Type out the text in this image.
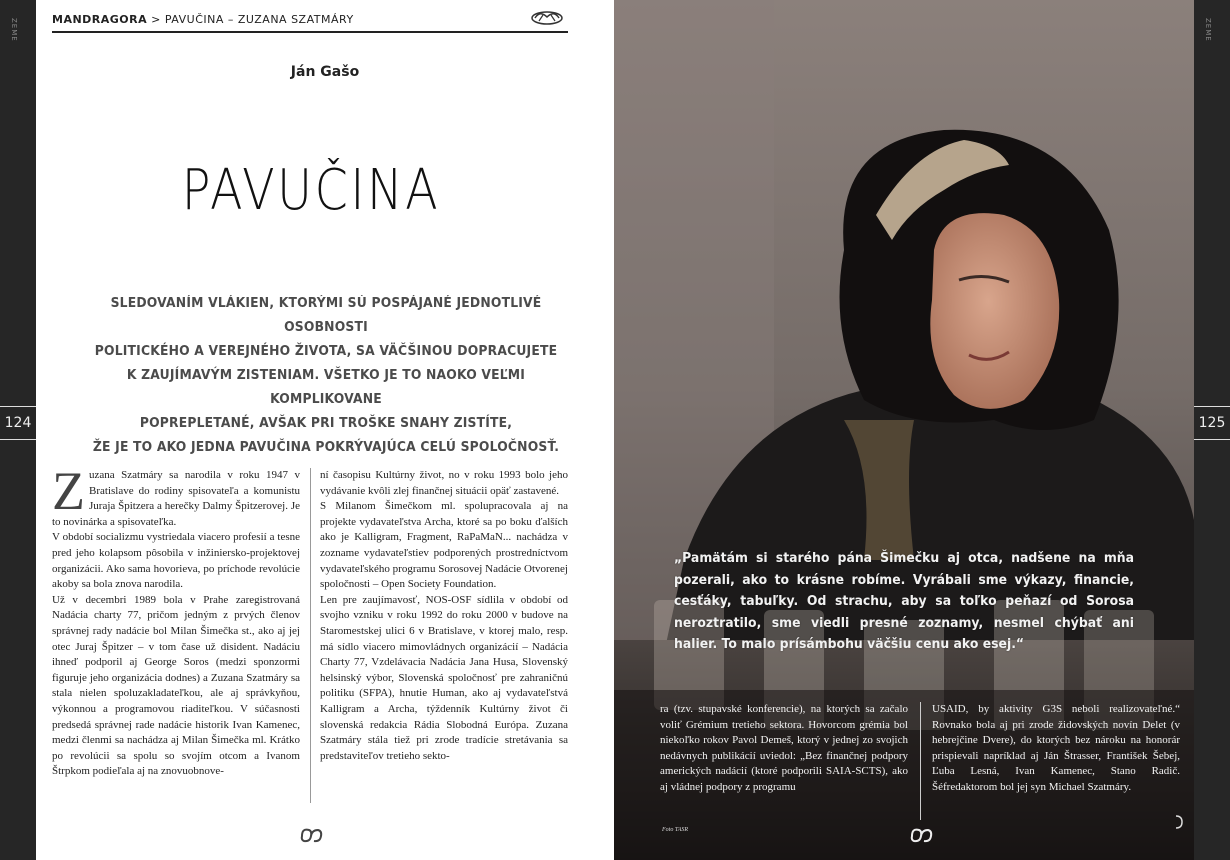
ZEME
124
MANDRAGORA > PAVUČINA – ZUZANA SZATMÁRY
Ján Gašo
PAVUČINA
SLEDOVANÍM VLÁKIEN, KTORÝMI SÚ POSPÁJANÉ JEDNOTLIVÉ OSOBNOSTI
POLITICKÉHO A VEREJNÉHO ŽIVOTA, SA VÄČŠINOU DOPRACUJETE
K ZAUJÍMAVÝM ZISTENIAM. VŠETKO JE TO NAOKO VEĽMI KOMPLIKOVANE
POPREPLETANÉ, AVŠAK PRI TROŠKE SNAHY ZISTÍTE,
ŽE JE TO AKO JEDNA PAVUČINA POKRÝVAJÚCA CELÚ SPOLOČNOSŤ.

Zuzana Szatmáry sa narodila v roku 1947 v Bratislave do rodiny spisovateľa a komunistu Juraja Špitzera a herečky Dalmy Špitzerovej. Je to novinárka a spisovateľka.

V období socializmu vystriedala viacero profesií a tesne pred jeho kolapsom pôsobila v inžiniersko-projektovej organizácii. Ako sama hovorieva, po príchode revolúcie akoby sa bola znova narodila.

Už v decembri 1989 bola v Prahe zaregistrovaná Nadácia charty 77, pričom jedným z prvých členov správnej rady nadácie bol Milan Šimečka st., ako aj jej otec Juraj Špitzer – v tom čase už disident. Nadáciu ihneď podporil aj George Soros (medzi sponzormi figuruje jeho organizácia dodnes) a Zuzana Szatmáry sa stala nielen spoluzakladateľkou, ale aj správkyňou, výkonnou a programovou riaditeľkou. V súčasnosti predsedá správnej rade nadácie historik Ivan Kamenec, medzi členmi sa nachádza aj Milan Šimečka ml. Krátko po revolúcii sa spolu so svojím otcom a Ivanom Štrpkom podieľala aj na znovuobnove-

ní časopisu Kultúrny život, no v roku 1993 bolo jeho vydávanie kvôli zlej finančnej situácii opäť zastavené.

S Milanom Šimečkom ml. spolupracovala aj na projekte vydavateľstva Archa, ktoré sa po boku ďalších ako je Kalligram, Fragment, RaPaMaN... nachádza v zozname vydavateľstiev podporených prostredníctvom vydavateľského programu Sorosovej Nadácie Otvorenej spoločnosti – Open Society Foundation.

Len pre zaujímavosť, NOS-OSF sídlila v období od svojho vzniku v roku 1992 do roku 2000 v budove na Staromestskej ulici 6 v Bratislave, v ktorej malo, resp. má sídlo viacero mimovládnych organizácií – Nadácia Charty 77, Vzdelávacia Nadácia Jana Husa, Slovenský helsinský výbor, Slovenská spoločnosť pre zahraničnú politiku (SFPA), hnutie Human, ako aj vydavateľstvá Kalligram a Archa, týždenník Kultúrny život či slovenská redakcia Rádia Slobodná Európa. Zuzana Szatmáry stála tiež pri zrode tradície stretávania sa predstaviteľov tretieho sekto-

„Pamätám si starého pána Šimečku aj otca, nadšene na mňa pozerali, ako to krásne robíme. Vyrábali sme výkazy, financie, cesťáky, tabuľky. Od strachu, aby sa toľko peňazí od Sorosa neroztratilo, sme viedli presné zoznamy, nesmel chýbať ani halier. To malo prísámbohu väčšiu cenu ako esej.“
ra (tzv. stupavské konferencie), na ktorých sa začalo voliť Grémium tretieho sektora. Hovorcom grémia bol niekoľko rokov Pavol Demeš, ktorý v jednej zo svojich nedávnych publikácií uviedol: „Bez finančnej podpory amerických nadácií (ktoré podporili SAIA-SCTS), ako aj vládnej podpory z programu
USAID, by aktivity G3S neboli realizovateľné.“ Rovnako bola aj pri zrode židovských novín Delet (v hebrejčine Dvere), do ktorých bez nároku na honorár prispievali napríklad aj Ján Štrasser, František Šebej, Ľuba Lesná, Ivan Kamenec, Stano Radič. Šéfredaktorom bol jej syn Michael Szatmáry.
Foto TASR
ZEME
125
